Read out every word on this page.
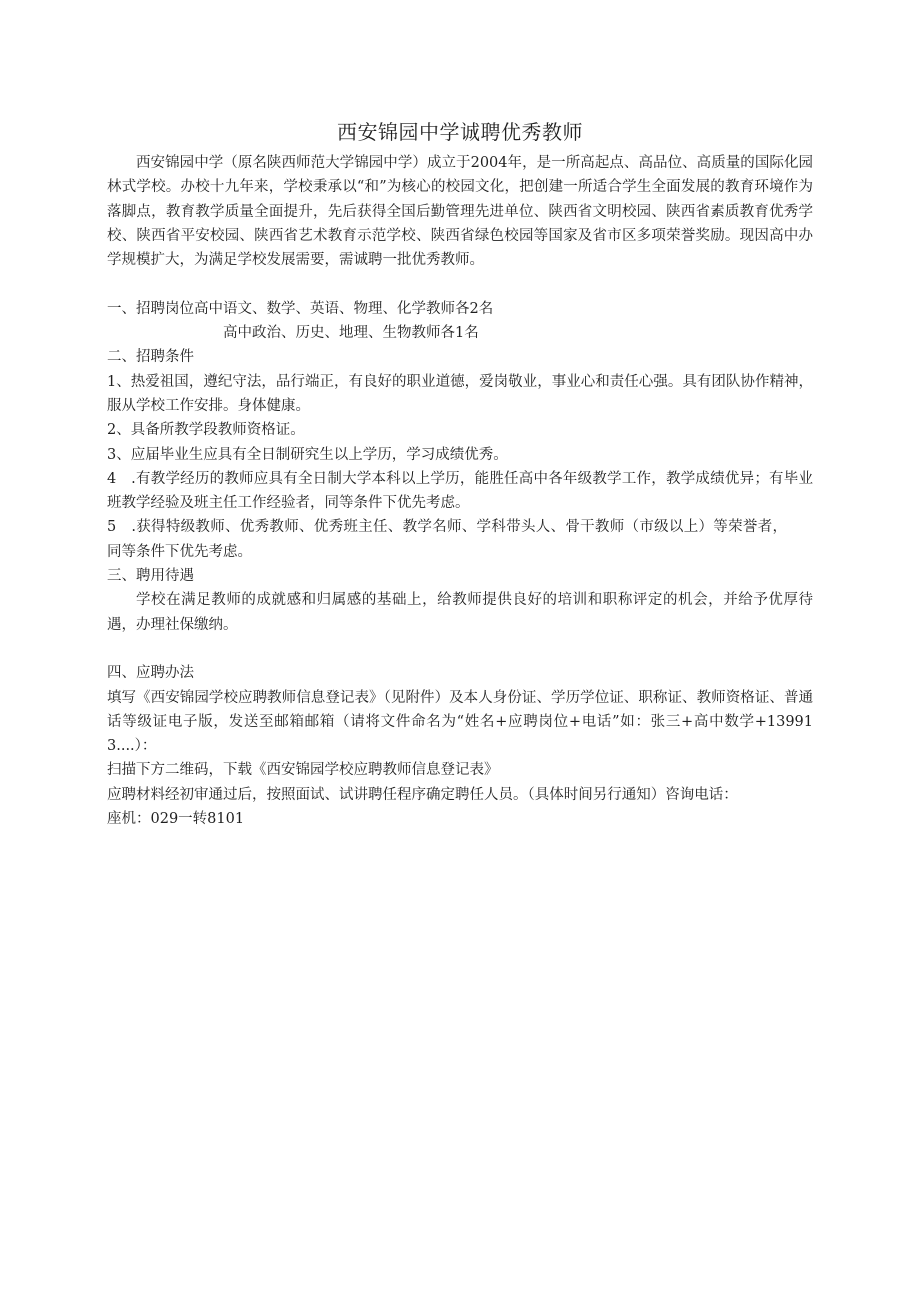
西安锦园中学诚聘优秀教师

西安锦园中学（原名陕西师范大学锦园中学）成立于2004年，是一所高起点、高品位、高质量的国际化园林式学校。办校十九年来，学校秉承以“和”为核心的校园文化，把创建一所适合学生全面发展的教育环境作为落脚点，教育教学质量全面提升，先后获得全国后勤管理先进单位、陕西省文明校园、陕西省素质教育优秀学校、陕西省平安校园、陕西省艺术教育示范学校、陕西省绿色校园等国家及省市区多项荣誉奖励。现因高中办学规模扩大，为满足学校发展需要，需诚聘一批优秀教师。

一、招聘岗位高中语文、数学、英语、物理、化学教师各2名

高中政治、历史、地理、生物教师各1名

二、招聘条件

1、热爱祖国，遵纪守法，品行端正，有良好的职业道德，爱岗敬业，事业心和责任心强。具有团队协作精神，服从学校工作安排。身体健康。

2、具备所教学段教师资格证。

3、应届毕业生应具有全日制研究生以上学历，学习成绩优秀。

4　.有教学经历的教师应具有全日制大学本科以上学历，能胜任高中各年级教学工作，教学成绩优异；有毕业班教学经验及班主任工作经验者，同等条件下优先考虑。

5　.获得特级教师、优秀教师、优秀班主任、教学名师、学科带头人、骨干教师（市级以上）等荣誉者，同等条件下优先考虑。

三、聘用待遇

学校在满足教师的成就感和归属感的基础上，给教师提供良好的培训和职称评定的机会，并给予优厚待遇，办理社保缴纳。

四、应聘办法

填写《西安锦园学校应聘教师信息登记表》（见附件）及本人身份证、学历学位证、职称证、教师资格证、普通话等级证电子版，发送至邮箱邮箱（请将文件命名为“姓名+应聘岗位+电话”如：张三+高中数学+139913....）：

扫描下方二维码，下载《西安锦园学校应聘教师信息登记表》

应聘材料经初审通过后，按照面试、试讲聘任程序确定聘任人员。（具体时间另行通知）咨询电话：

座机：029一转8101
